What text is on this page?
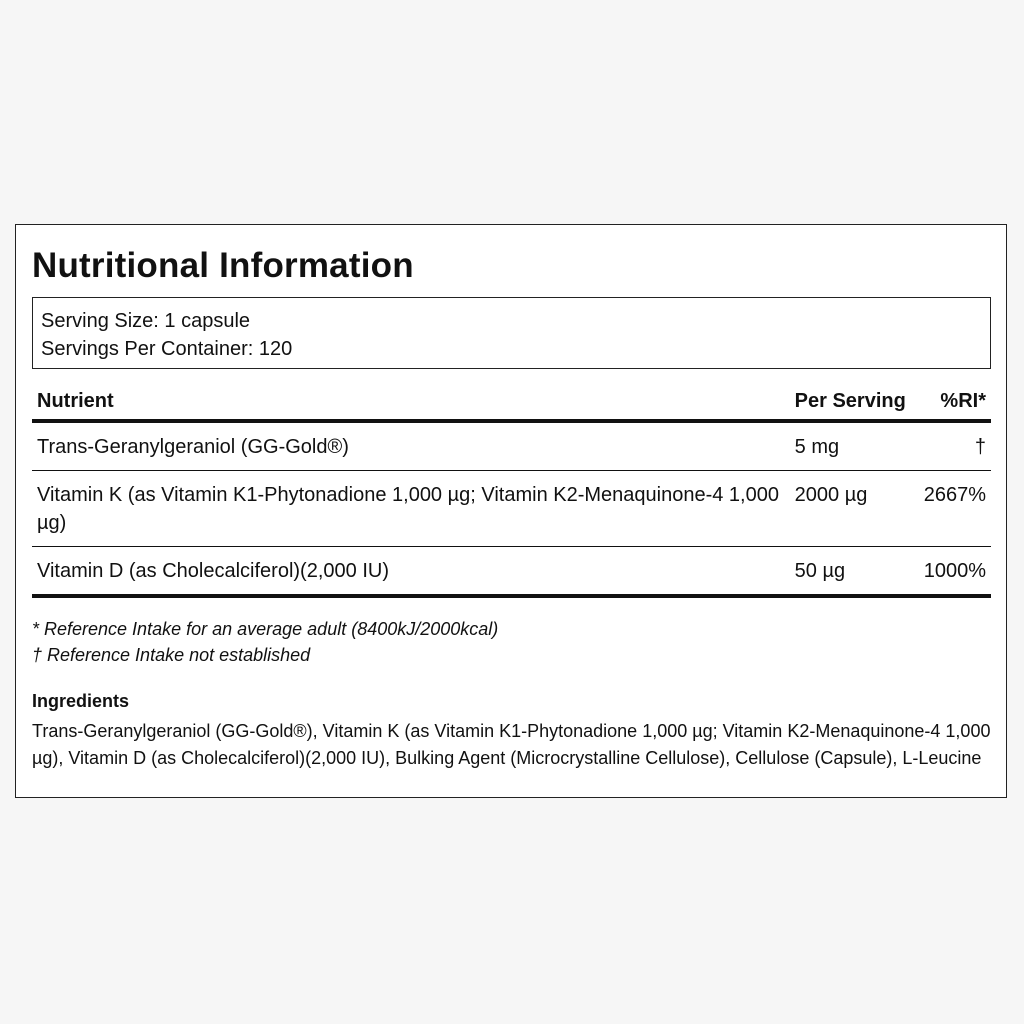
Nutritional Information
Serving Size: 1 capsule
Servings Per Container: 120
Nutrient	Per Serving	%RI*
Trans-Geranylgeraniol (GG-Gold®)	5 mg	†
Vitamin K (as Vitamin K1-Phytonadione 1,000 µg; Vitamin K2-Menaquinone-4 1,000 µg)	2000 µg	2667%
Vitamin D (as Cholecalciferol)(2,000 IU)	50 µg	1000%
* Reference Intake for an average adult (8400kJ/2000kcal)
† Reference Intake not established
Ingredients
Trans-Geranylgeraniol (GG-Gold®), Vitamin K (as Vitamin K1-Phytonadione 1,000 µg; Vitamin K2-Menaquinone-4 1,000 µg), Vitamin D (as Cholecalciferol)(2,000 IU), Bulking Agent (Microcrystalline Cellulose), Cellulose (Capsule), L-Leucine
